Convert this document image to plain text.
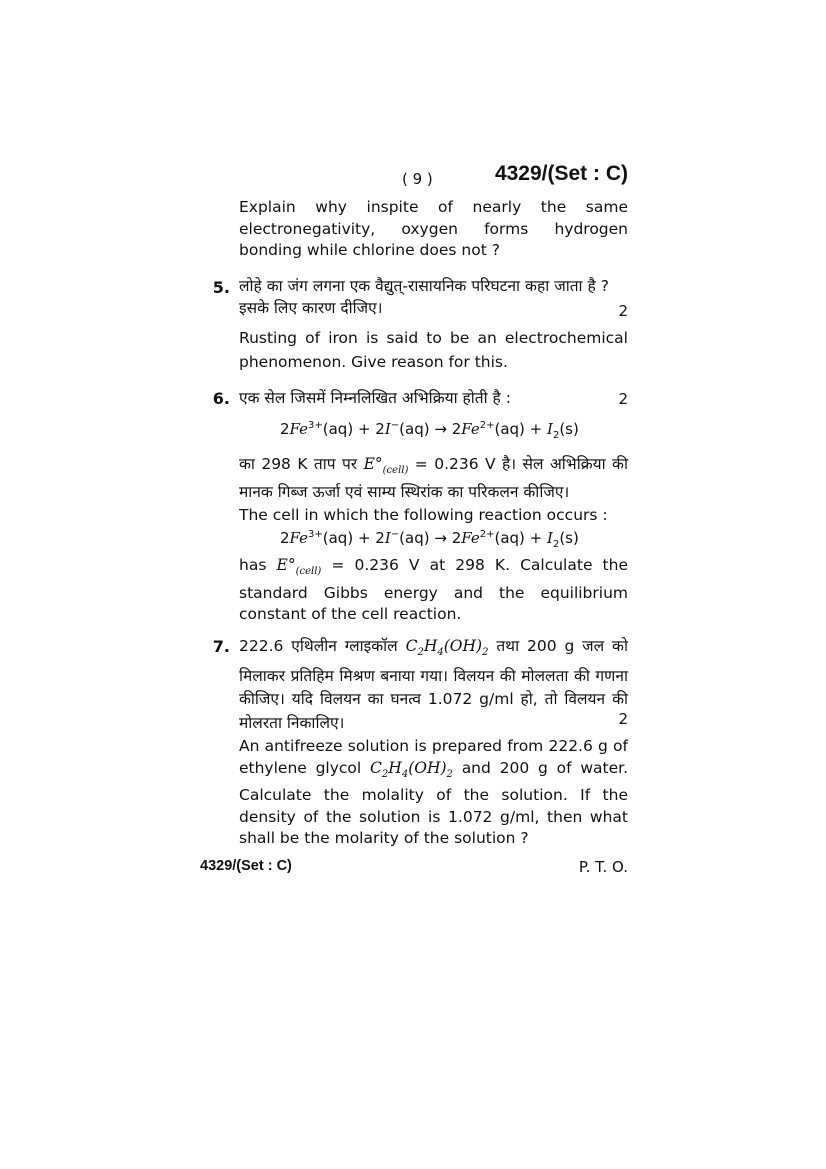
( 9 )	4329/(Set : C)
Explain why inspite of nearly the same electronegativity, oxygen forms hydrogen bonding while chlorine does not ?
5. लोहे का जंग लगना एक वैद्युत्-रासायनिक परिघटना कहा जाता है ? इसके लिए कारण दीजिए।	2
Rusting of iron is said to be an electrochemical phenomenon. Give reason for this.
6. एक सेल जिसमें निम्नलिखित अभिक्रिया होती है :	2
$2Fe^{3+}(aq) + 2I^-(aq) \to 2Fe^{2+}(aq) + I_2(s)$
का 298 K ताप पर $E^\circ_{(cell)} = 0.236$ V है। सेल अभिक्रिया की मानक गिब्ज ऊर्जा एवं साम्य स्थिरांक का परिकलन कीजिए।
The cell in which the following reaction occurs :
$2Fe^{3+}(aq) + 2I^-(aq) \to 2Fe^{2+}(aq) + I_2(s)$
has $E^\circ_{(cell)} = 0.236$ V at 298 K. Calculate the standard Gibbs energy and the equilibrium constant of the cell reaction.
7. 222.6 एथिलीन ग्लाइकॉल $C_2H_4(OH)_2$ तथा 200 g जल को मिलाकर प्रतिहिम मिश्रण बनाया गया। विलयन की मोललता की गणना कीजिए। यदि विलयन का घनत्व 1.072 g/ml हो, तो विलयन की मोलरता निकालिए।	2
An antifreeze solution is prepared from 222.6 g of ethylene glycol $C_2H_4(OH)_2$ and 200 g of water. Calculate the molality of the solution. If the density of the solution is 1.072 g/ml, then what shall be the molarity of the solution ?
4329/(Set : C)	P. T. O.
